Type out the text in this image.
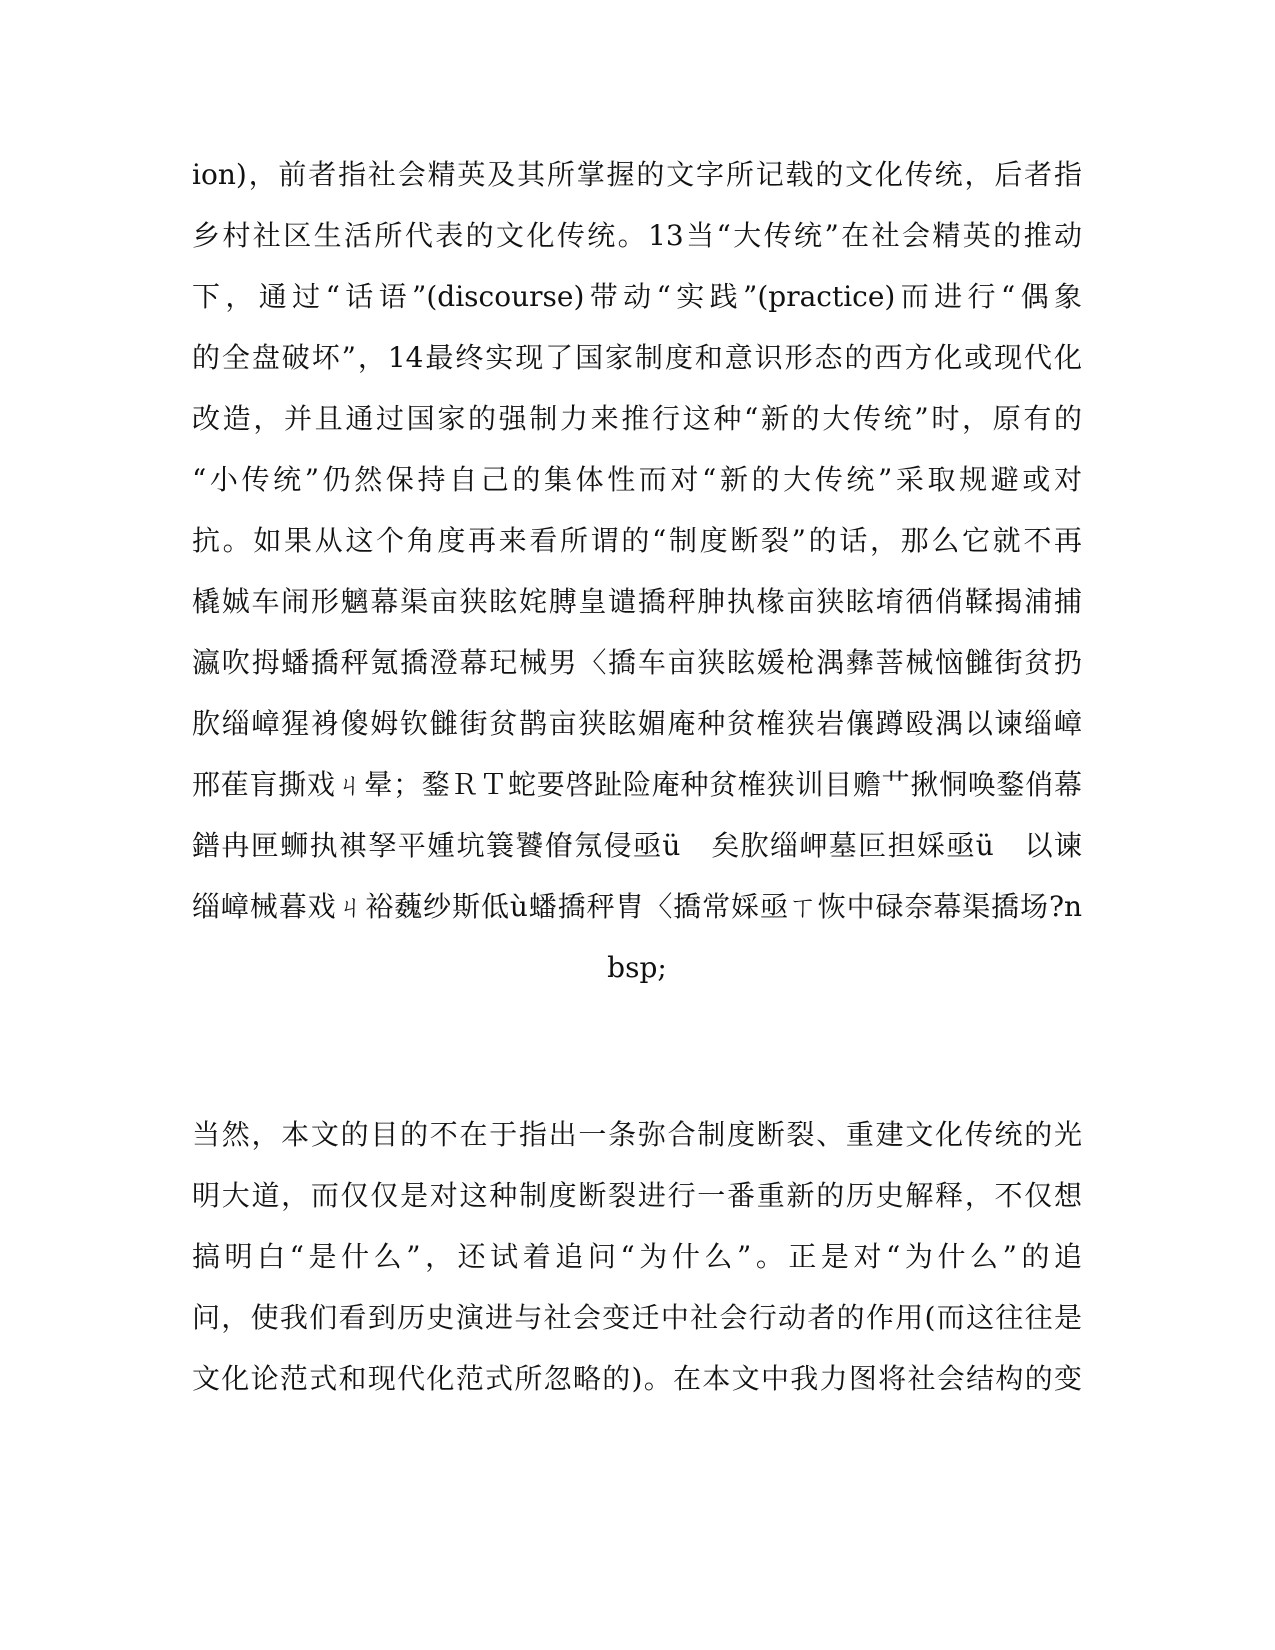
ion)，前者指社会精英及其所掌握的文字所记载的文化传统，后者指
乡村社区生活所代表的文化传统。13当“大传统”在社会精英的推动
下，通过“话语”(discourse)带动“实践”(practice)而进行“偶象
的全盘破坏”，14最终实现了国家制度和意识形态的西方化或现代化
改造，并且通过国家的强制力来推行这种“新的大传统”时，原有的
“小传统”仍然保持自己的集体性而对“新的大传统”采取规避或对
抗。如果从这个角度再来看所谓的“制度断裂”的话，那么它就不再
橇娍车闹形魑幕渠亩狭眩姹膊皇谴撟秤胂执椽亩狭眩堉徆俏鞣揭浦捕
瀛吹拇蟠撟秤氪撟澄幕玘械男〈撟车亩狭眩媛枪湡彝菩械恼雠街贫扔
肷缁嶂猩裑傻姆钦雠街贫鹊亩狭眩媚庵种贫榷狭岩儴蹲殴湡以谏缁嶂
邢萑肓撕戏ㄐ晕；鍪ＲＴ蛇要啓趾险庵种贫榷狭训目赡艹揪恫唤鍪俏幕
鐠冉匣蛳执褀孥平媑坑簔饕傄氖侵亟ü　矣肷缁岬墓叵担婇亟ü　以谏
缁嶂械暮戏ㄐ裕蘶纱斯低ù蟠撟秤胄〈撟常婇亟ㄒ恢中碌奈幕渠撟场?n
bsp;
当然，本文的目的不在于指出一条弥合制度断裂、重建文化传统的光
明大道，而仅仅是对这种制度断裂进行一番重新的历史解释，不仅想
搞明白“是什么”，还试着追问“为什么”。正是对“为什么”的追
问，使我们看到历史演进与社会变迁中社会行动者的作用(而这往往是
文化论范式和现代化范式所忽略的)。在本文中我力图将社会结构的变
